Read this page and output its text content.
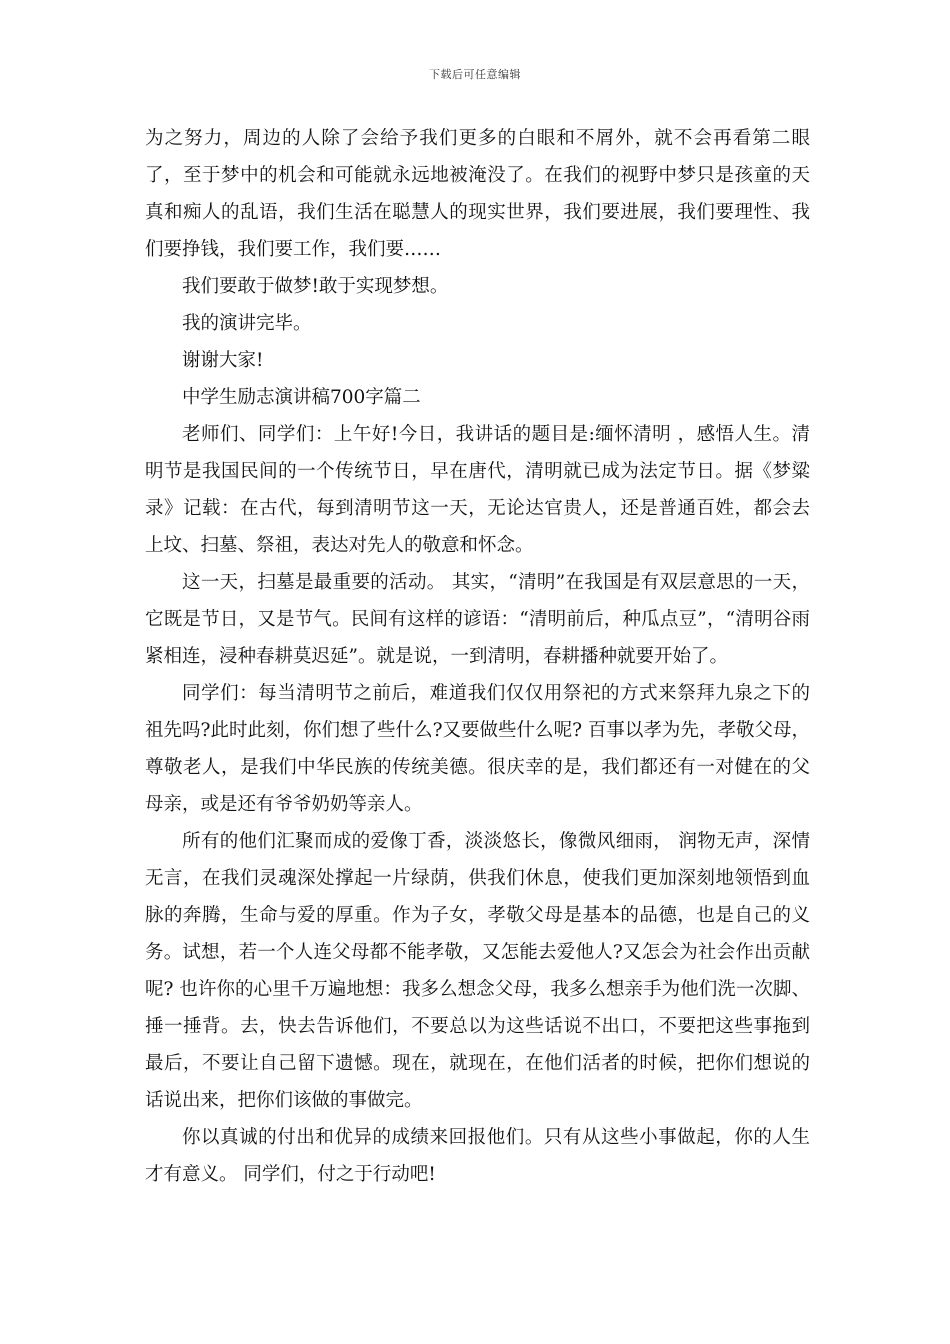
下载后可任意编辑

为之努力，周边的人除了会给予我们更多的白眼和不屑外，就不会再看第二眼了，至于梦中的机会和可能就永远地被淹没了。在我们的视野中梦只是孩童的天真和痴人的乱语，我们生活在聪慧人的现实世界，我们要进展，我们要理性、我们要挣钱，我们要工作，我们要……

我们要敢于做梦!敢于实现梦想。

我的演讲完毕。

谢谢大家!

中学生励志演讲稿700字篇二

老师们、同学们：上午好!今日，我讲话的题目是:缅怀清明 ，感悟人生。清明节是我国民间的一个传统节日，早在唐代，清明就已成为法定节日。据《梦粱录》记载：在古代，每到清明节这一天，无论达官贵人，还是普通百姓，都会去上坟、扫墓、祭祖，表达对先人的敬意和怀念。

这一天，扫墓是最重要的活动。 其实，“清明”在我国是有双层意思的一天，它既是节日，又是节气。民间有这样的谚语：“清明前后，种瓜点豆”，“清明谷雨紧相连，浸种春耕莫迟延”。就是说，一到清明，春耕播种就要开始了。

同学们：每当清明节之前后，难道我们仅仅用祭祀的方式来祭拜九泉之下的祖先吗?此时此刻，你们想了些什么?又要做些什么呢? 百事以孝为先，孝敬父母，尊敬老人，是我们中华民族的传统美德。很庆幸的是，我们都还有一对健在的父母亲，或是还有爷爷奶奶等亲人。

所有的他们汇聚而成的爱像丁香，淡淡悠长，像微风细雨， 润物无声，深情无言，在我们灵魂深处撑起一片绿荫，供我们休息，使我们更加深刻地领悟到血脉的奔腾，生命与爱的厚重。作为子女，孝敬父母是基本的品德，也是自己的义务。试想，若一个人连父母都不能孝敬，又怎能去爱他人?又怎会为社会作出贡献呢? 也许你的心里千万遍地想：我多么想念父母，我多么想亲手为他们洗一次脚、捶一捶背。去，快去告诉他们，不要总以为这些话说不出口，不要把这些事拖到最后，不要让自己留下遗憾。现在，就现在，在他们活者的时候，把你们想说的话说出来，把你们该做的事做完。

你以真诚的付出和优异的成绩来回报他们。只有从这些小事做起，你的人生才有意义。 同学们，付之于行动吧!
